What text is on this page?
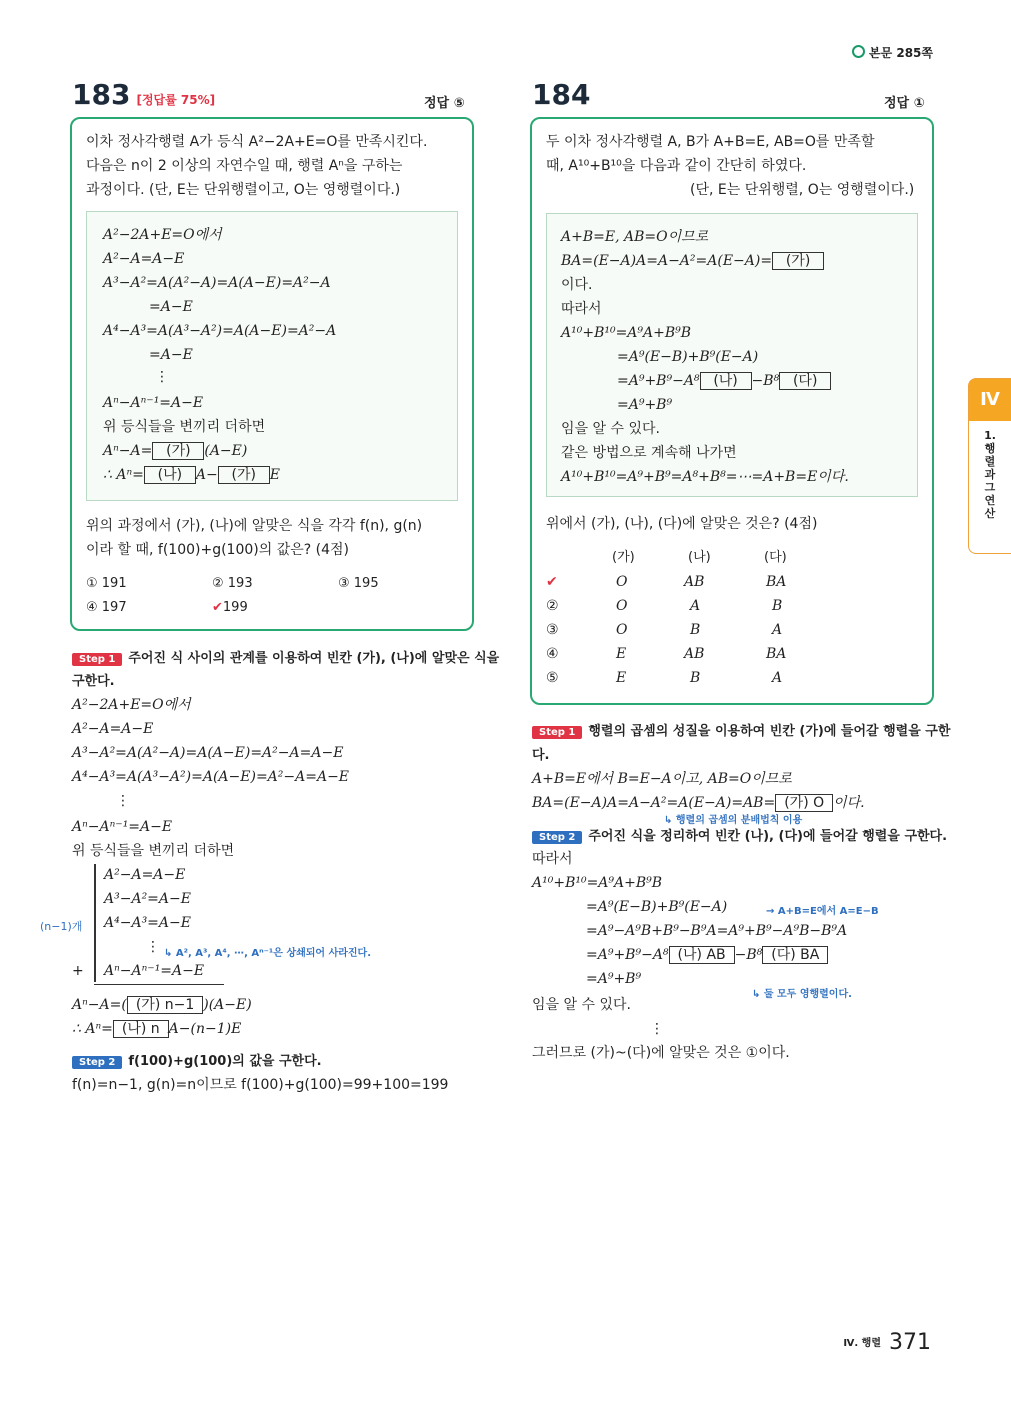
본문 285쪽
Ⅳ
1. 행렬과 그 연산
183 [정답률 75%]	정답 ⑤
이차 정사각행렬 A가 등식 A²−2A+E=O를 만족시킨다.
다음은 n이 2 이상의 자연수일 때, 행렬 Aⁿ을 구하는
과정이다. (단, E는 단위행렬이고, O는 영행렬이다.)
A²−2A+E=O에서
A²−A=A−E
A³−A²=A(A²−A)=A(A−E)=A²−A
=A−E
A⁴−A³=A(A³−A²)=A(A−E)=A²−A
=A−E
⋮
Aⁿ−Aⁿ⁻¹=A−E
위 등식들을 변끼리 더하면
Aⁿ−A= (가) (A−E)
∴ Aⁿ= (나) A− (가) E
위의 과정에서 (가), (나)에 알맞은 식을 각각 f(n), g(n)
이라 할 때, f(100)+g(100)의 값은? (4점)
① 191	② 193	③ 195
④ 197	✔199
Step 1 주어진 식 사이의 관계를 이용하여 빈칸 (가), (나)에 알맞은 식을
구한다.
A²−2A+E=O에서
A²−A=A−E
A³−A²=A(A²−A)=A(A−E)=A²−A=A−E
A⁴−A³=A(A³−A²)=A(A−E)=A²−A=A−E
⋮
Aⁿ−Aⁿ⁻¹=A−E
위 등식들을 변끼리 더하면
(n−1)개
A²−A=A−E
A³−A²=A−E
A⁴−A³=A−E
⋮ ↳ A², A³, A⁴, ⋯, Aⁿ⁻¹은 상쇄되어 사라진다.
+ Aⁿ−Aⁿ⁻¹=A−E
Aⁿ−A=( (가) n−1 )(A−E)
∴ Aⁿ= (나) n A−(n−1)E
Step 2 f(100)+g(100)의 값을 구한다.
f(n)=n−1, g(n)=n이므로 f(100)+g(100)=99+100=199
184	정답 ①
두 이차 정사각행렬 A, B가 A+B=E, AB=O를 만족할
때, A¹⁰+B¹⁰을 다음과 같이 간단히 하였다.
(단, E는 단위행렬, O는 영행렬이다.)
A+B=E, AB=O이므로
BA=(E−A)A=A−A²=A(E−A)= (가)
이다.
따라서
A¹⁰+B¹⁰=A⁹A+B⁹B
=A⁹(E−B)+B⁹(E−A)
=A⁹+B⁹−A⁸ (나) −B⁸ (다)
=A⁹+B⁹
임을 알 수 있다.
같은 방법으로 계속해 나가면
A¹⁰+B¹⁰=A⁹+B⁹=A⁸+B⁸=⋯=A+B=E이다.
위에서 (가), (나), (다)에 알맞은 것은? (4점)
(가)	(나)	(다)
✔	O	AB	BA
②	O	A	B
③	O	B	A
④	E	AB	BA
⑤	E	B	A
Step 1 행렬의 곱셈의 성질을 이용하여 빈칸 (가)에 들어갈 행렬을 구한
다.
A+B=E에서 B=E−A이고, AB=O이므로
BA=(E−A)A=A−A²=A(E−A)=AB= (가) O 이다.
↳ 행렬의 곱셈의 분배법칙 이용
Step 2 주어진 식을 정리하여 빈칸 (나), (다)에 들어갈 행렬을 구한다.
따라서
A¹⁰+B¹⁰=A⁹A+B⁹B
=A⁹(E−B)+B⁹(E−A)	→ A+B=E에서 A=E−B
=A⁹−A⁹B+B⁹−B⁹A=A⁹+B⁹−A⁹B−B⁹A
=A⁹+B⁹−A⁸ (나) AB −B⁸ (다) BA
=A⁹+B⁹
↳ 둘 모두 영행렬이다.
임을 알 수 있다.
⋮
그러므로 (가)~(다)에 알맞은 것은 ①이다.
Ⅳ. 행렬 371
